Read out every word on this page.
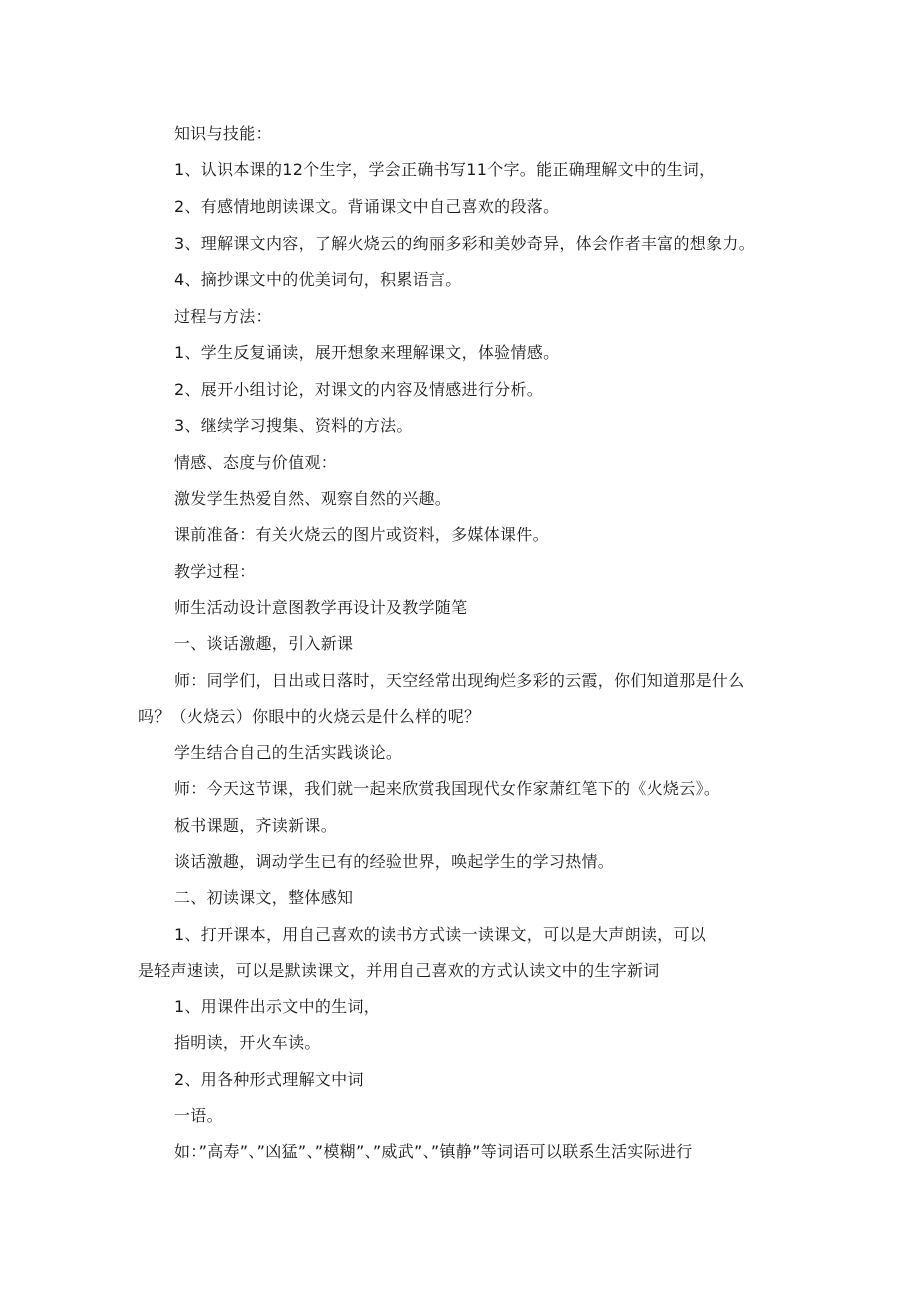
知识与技能：
1、认识本课的12个生字，学会正确书写11个字。能正确理解文中的生词，
2、有感情地朗读课文。背诵课文中自己喜欢的段落。
3、理解课文内容，了解火烧云的绚丽多彩和美妙奇异，体会作者丰富的想象力。
4、摘抄课文中的优美词句，积累语言。
过程与方法：
1、学生反复诵读，展开想象来理解课文，体验情感。
2、展开小组讨论，对课文的内容及情感进行分析。
3、继续学习搜集、资料的方法。
情感、态度与价值观：
激发学生热爱自然、观察自然的兴趣。
课前准备：有关火烧云的图片或资料，多媒体课件。
教学过程：
师生活动设计意图教学再设计及教学随笔
一、谈话激趣，引入新课
师：同学们，日出或日落时，天空经常出现绚烂多彩的云霞，你们知道那是什么
吗？（火烧云）你眼中的火烧云是什么样的呢？
学生结合自己的生活实践谈论。
师：今天这节课，我们就一起来欣赏我国现代女作家萧红笔下的《火烧云》。
板书课题，齐读新课。
谈话激趣，调动学生已有的经验世界，唤起学生的学习热情。
二、初读课文，整体感知
1、打开课本，用自己喜欢的读书方式读一读课文，可以是大声朗读，可以
是轻声速读，可以是默读课文，并用自己喜欢的方式认读文中的生字新词
1、用课件出示文中的生词，
指明读，开火车读。
2、用各种形式理解文中词
一语。
如：”高寿”、”凶猛”、”模糊”、”威武”、”镇静”等词语可以联系生活实际进行
